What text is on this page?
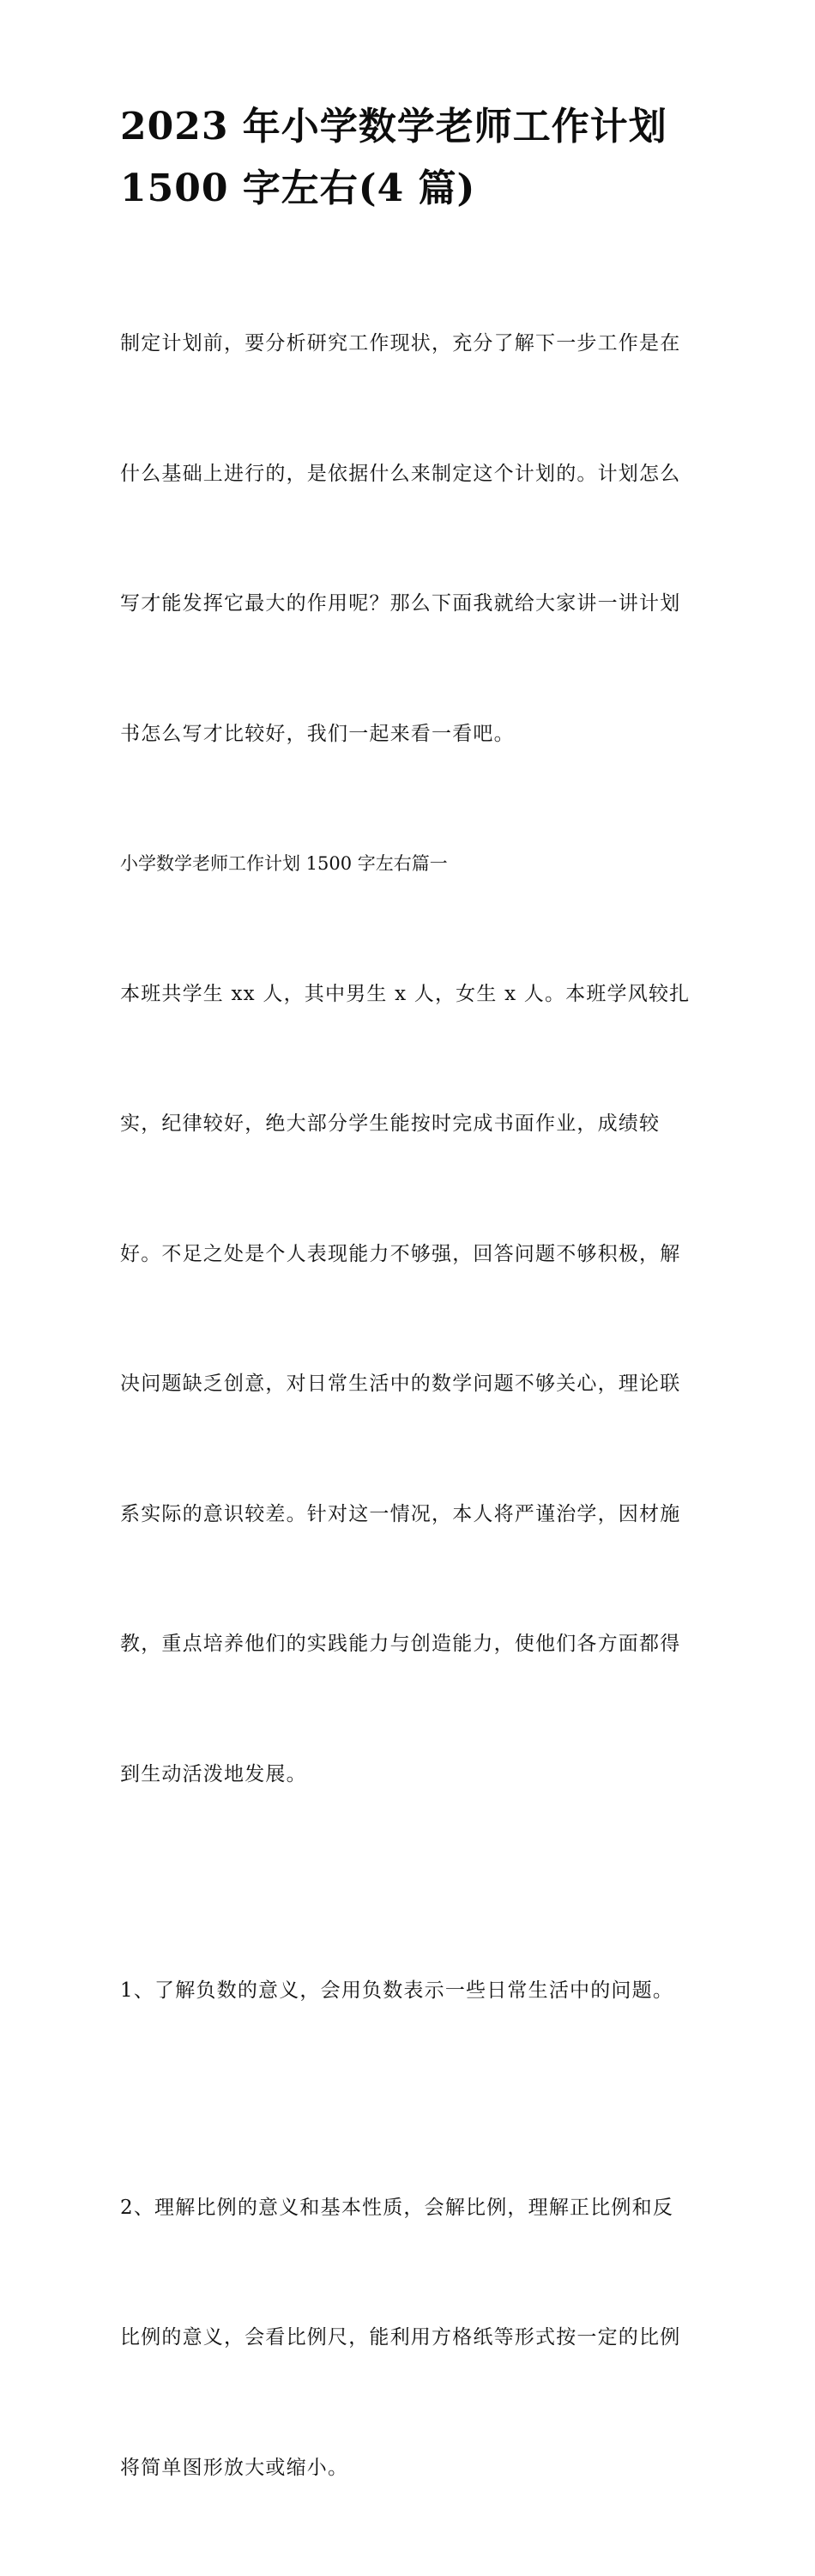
2023 年小学数学老师工作计划
1500 字左右(4 篇)

制定计划前，要分析研究工作现状，充分了解下一步工作是在

什么基础上进行的，是依据什么来制定这个计划的。计划怎么

写才能发挥它最大的作用呢？那么下面我就给大家讲一讲计划

书怎么写才比较好，我们一起来看一看吧。

小学数学老师工作计划 1500 字左右篇一

本班共学生 xx 人，其中男生 x 人，女生 x 人。本班学风较扎

实，纪律较好，绝大部分学生能按时完成书面作业，成绩较

好。不足之处是个人表现能力不够强，回答问题不够积极，解

决问题缺乏创意，对日常生活中的数学问题不够关心，理论联

系实际的意识较差。针对这一情况，本人将严谨治学，因材施

教，重点培养他们的实践能力与创造能力，使他们各方面都得

到生动活泼地发展。

1、了解负数的意义，会用负数表示一些日常生活中的问题。

2、理解比例的意义和基本性质，会解比例，理解正比例和反

比例的意义，会看比例尺，能利用方格纸等形式按一定的比例

将简单图形放大或缩小。
